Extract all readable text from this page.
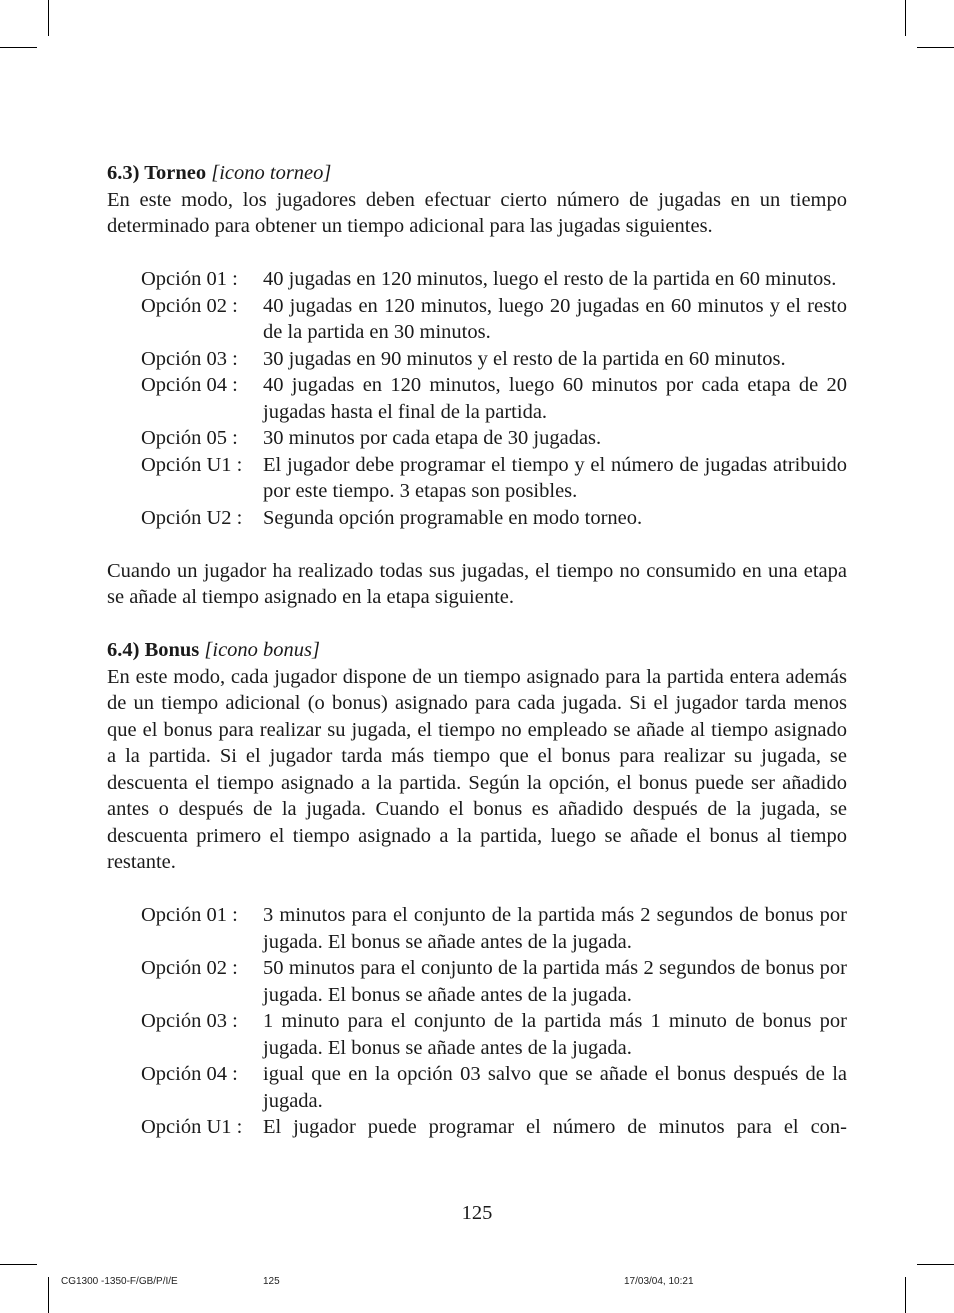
6.3) Torneo [icono torneo]

En este modo, los jugadores deben efectuar cierto número de jugadas en un tiempo determinado para obtener un tiempo adicional para las jugadas siguientes.

Opción 01 :	40 jugadas en 120 minutos, luego el resto de la partida en 60 minutos.
Opción 02 :	40 jugadas en 120 minutos, luego 20 jugadas en 60 minutos y el resto de la partida en 30 minutos.
Opción 03 :	30 jugadas en 90 minutos y el resto de la partida en 60 minutos.
Opción 04 :	40 jugadas en 120 minutos, luego 60 minutos por cada etapa de 20 jugadas hasta el final de la partida.
Opción 05 :	30 minutos por cada etapa de 30 jugadas.
Opción U1 :	El jugador debe programar el tiempo y el número de jugadas atribuido por este tiempo. 3 etapas son posibles.
Opción U2 :	Segunda opción programable en modo torneo.

Cuando un jugador ha realizado todas sus jugadas, el tiempo no consumido en una etapa se añade al tiempo asignado en la etapa siguiente.

6.4) Bonus [icono bonus]

En este modo, cada jugador dispone de un tiempo asignado para la partida entera además de un tiempo adicional (o bonus) asignado para cada jugada. Si el jugador tarda menos que el bonus para realizar su jugada, el tiempo no empleado se añade al tiempo asignado a la partida. Si el jugador tarda más tiempo que el bonus para realizar su jugada, se descuenta el tiempo asignado a la partida. Según la opción, el bonus puede ser añadido antes o después de la jugada. Cuando el bonus es añadido después de la jugada, se descuenta primero el tiempo asignado a la partida, luego se añade el bonus al tiempo restante.

Opción 01 :	3 minutos para el conjunto de la partida más 2 segundos de bonus por jugada. El bonus se añade antes de la jugada.
Opción 02 :	50 minutos para el conjunto de la partida más 2 segundos de bonus por jugada. El bonus se añade antes de la jugada.
Opción 03 :	1 minuto para el conjunto de la partida más 1 minuto de bonus por jugada. El bonus se añade antes de la jugada.
Opción 04 :	igual que en la opción 03 salvo que se añade el bonus después de la jugada.
Opción U1 :	El jugador puede programar el número de minutos para el con-
125
CG1300 -1350-F/GB/P/I/E	125	17/03/04, 10:21
